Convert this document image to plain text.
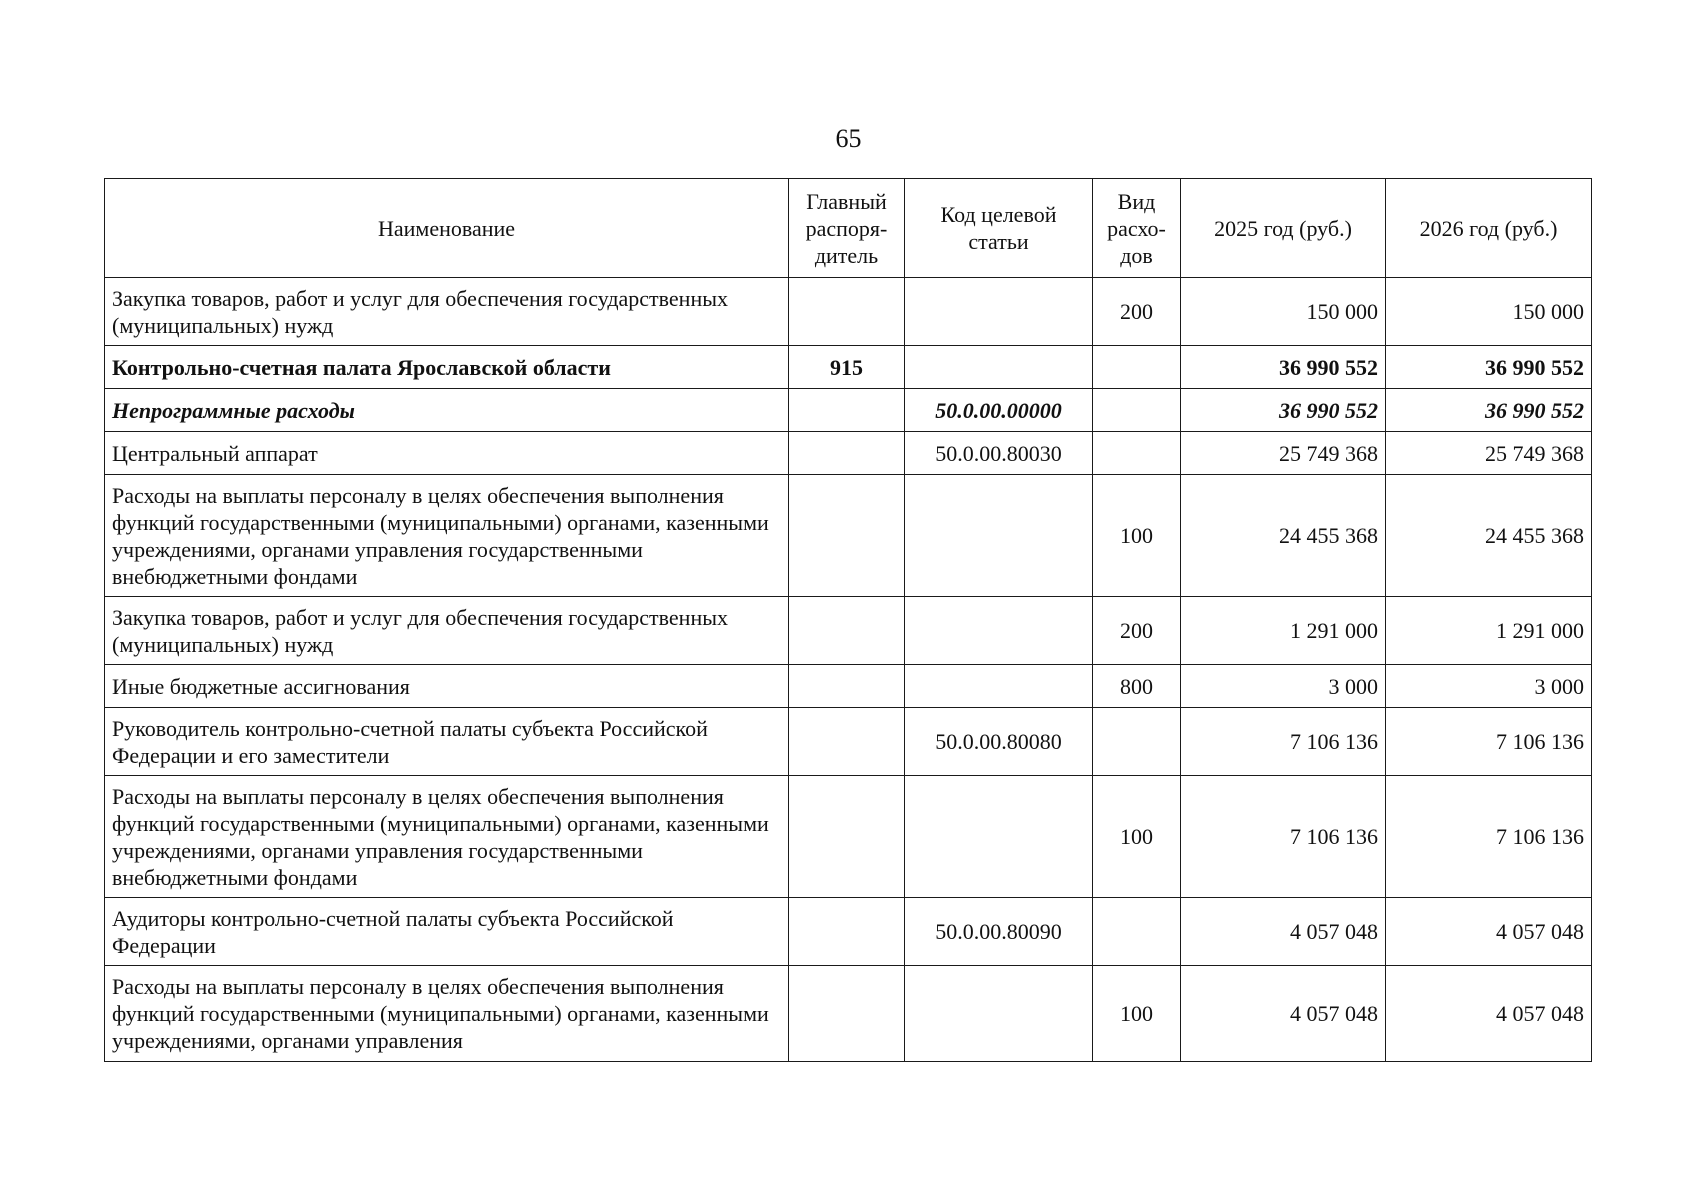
65
Наименование	Главный распоря-дитель	Код целевой статьи	Вид расхо-дов	2025 год (руб.)	2026 год (руб.)
Закупка товаров, работ и услуг для обеспечения государственных (муниципальных) нужд			200	150 000	150 000
Контрольно-счетная палата Ярославской области	915			36 990 552	36 990 552
Непрограммные расходы		50.0.00.00000		36 990 552	36 990 552
Центральный аппарат		50.0.00.80030		25 749 368	25 749 368
Расходы на выплаты персоналу в целях обеспечения выполнения функций государственными (муниципальными) органами, казенными учреждениями, органами управления государственными внебюджетными фондами			100	24 455 368	24 455 368
Закупка товаров, работ и услуг для обеспечения государственных (муниципальных) нужд			200	1 291 000	1 291 000
Иные бюджетные ассигнования			800	3 000	3 000
Руководитель контрольно-счетной палаты субъекта Российской Федерации и его заместители		50.0.00.80080		7 106 136	7 106 136
Расходы на выплаты персоналу в целях обеспечения выполнения функций государственными (муниципальными) органами, казенными учреждениями, органами управления государственными внебюджетными фондами			100	7 106 136	7 106 136
Аудиторы контрольно-счетной палаты субъекта Российской Федерации		50.0.00.80090		4 057 048	4 057 048
Расходы на выплаты персоналу в целях обеспечения выполнения функций государственными (муниципальными) органами, казенными учреждениями, органами управления			100	4 057 048	4 057 048
